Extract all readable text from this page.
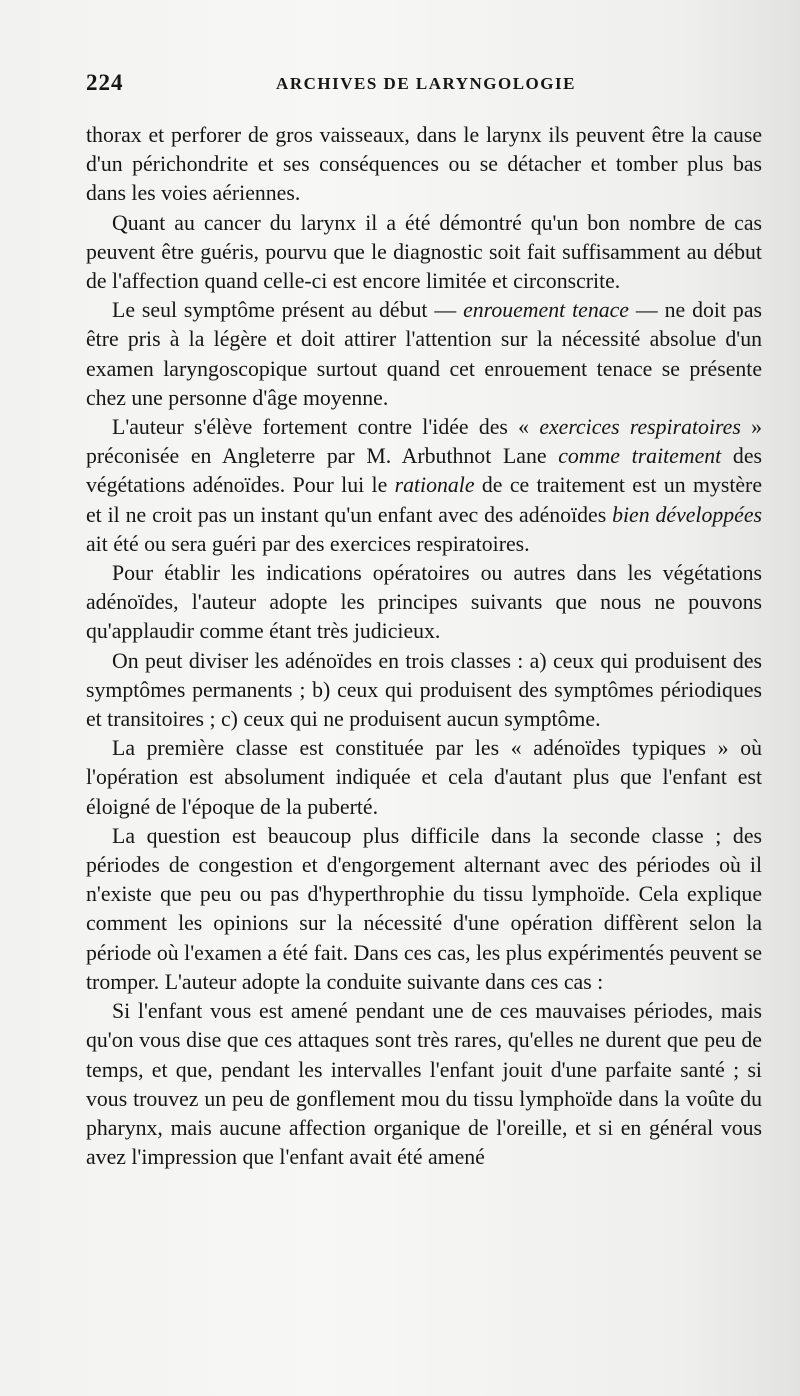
224	ARCHIVES DE LARYNGOLOGIE

thorax et perforer de gros vaisseaux, dans le larynx ils peuvent être la cause d'un périchondrite et ses conséquences ou se détacher et tomber plus bas dans les voies aériennes.

Quant au cancer du larynx il a été démontré qu'un bon nombre de cas peuvent être guéris, pourvu que le diagnostic soit fait suffisamment au début de l'affection quand celle-ci est encore limitée et circonscrite.

Le seul symptôme présent au début — enrouement tenace — ne doit pas être pris à la légère et doit attirer l'attention sur la nécessité absolue d'un examen laryngoscopique surtout quand cet enrouement tenace se présente chez une personne d'âge moyenne.

L'auteur s'élève fortement contre l'idée des « exercices respiratoires » préconisée en Angleterre par M. Arbuthnot Lane comme traitement des végétations adénoïdes. Pour lui le rationale de ce traitement est un mystère et il ne croit pas un instant qu'un enfant avec des adénoïdes bien développées ait été ou sera guéri par des exercices respiratoires.

Pour établir les indications opératoires ou autres dans les végétations adénoïdes, l'auteur adopte les principes suivants que nous ne pouvons qu'applaudir comme étant très judicieux.

On peut diviser les adénoïdes en trois classes : a) ceux qui produisent des symptômes permanents ; b) ceux qui produisent des symptômes périodiques et transitoires ; c) ceux qui ne produisent aucun symptôme.

La première classe est constituée par les « adénoïdes typiques » où l'opération est absolument indiquée et cela d'autant plus que l'enfant est éloigné de l'époque de la puberté.

La question est beaucoup plus difficile dans la seconde classe ; des périodes de congestion et d'engorgement alternant avec des périodes où il n'existe que peu ou pas d'hyperthrophie du tissu lymphoïde. Cela explique comment les opinions sur la nécessité d'une opération diffèrent selon la période où l'examen a été fait. Dans ces cas, les plus expérimentés peuvent se tromper. L'auteur adopte la conduite suivante dans ces cas :

Si l'enfant vous est amené pendant une de ces mauvaises périodes, mais qu'on vous dise que ces attaques sont très rares, qu'elles ne durent que peu de temps, et que, pendant les intervalles l'enfant jouit d'une parfaite santé ; si vous trouvez un peu de gonflement mou du tissu lymphoïde dans la voûte du pharynx, mais aucune affection organique de l'oreille, et si en général vous avez l'impression que l'enfant avait été amené
